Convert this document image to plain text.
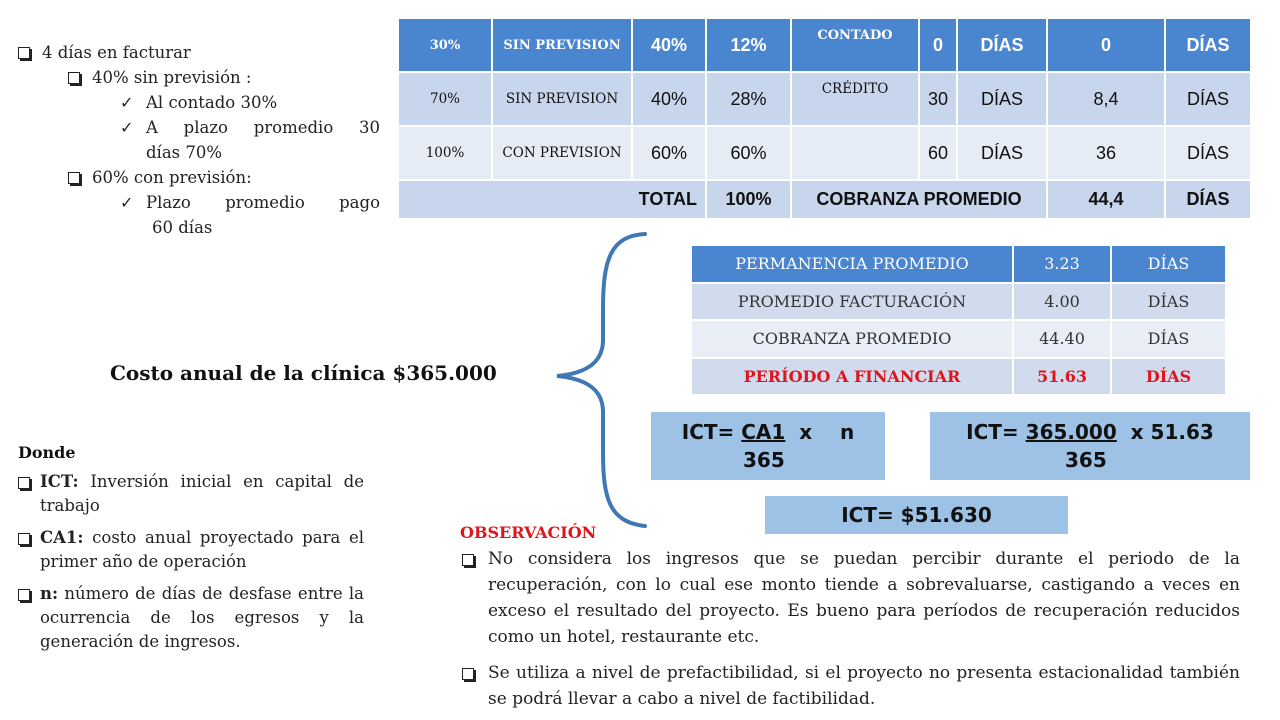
4 días en facturar
40% sin previsión :
✓ Al contado 30%
✓ A plazo promedio 30
días 70%
60% con previsión:
✓ Plazo promedio pago
60 días
30%	SIN PREVISION	40%	12%	CONTADO	0	DÍAS	0	DÍAS
70%	SIN PREVISION	40%	28%	CRÉDITO	30	DÍAS	8,4	DÍAS
100%	CON PREVISION	60%	60%		60	DÍAS	36	DÍAS
TOTAL			100%	COBRANZA PROMEDIO			44,4	DÍAS
Costo anual de la clínica $365.000
PERMANENCIA PROMEDIO	3.23	DÍAS
PROMEDIO FACTURACIÓN	4.00	DÍAS
COBRANZA PROMEDIO	44.40	DÍAS
PERÍODO A FINANCIAR	51.63	DÍAS
ICT= CA1  x    n
365
ICT= 365.000  x 51.63
365
ICT= $51.630
Donde
ICT: Inversión inicial en capital de trabajo
CA1: costo anual proyectado para el primer año de operación
n: número de días de desfase entre la ocurrencia de los egresos y la generación de ingresos.
OBSERVACIÓN
No considera los ingresos que se puedan percibir durante el periodo de la recuperación, con lo cual ese monto tiende a sobrevaluarse, castigando a veces en exceso el resultado del proyecto. Es bueno para períodos de recuperación reducidos como un hotel, restaurante etc.
Se utiliza a nivel de prefactibilidad, si el proyecto no presenta estacionalidad también se podrá llevar a cabo a nivel de factibilidad.
